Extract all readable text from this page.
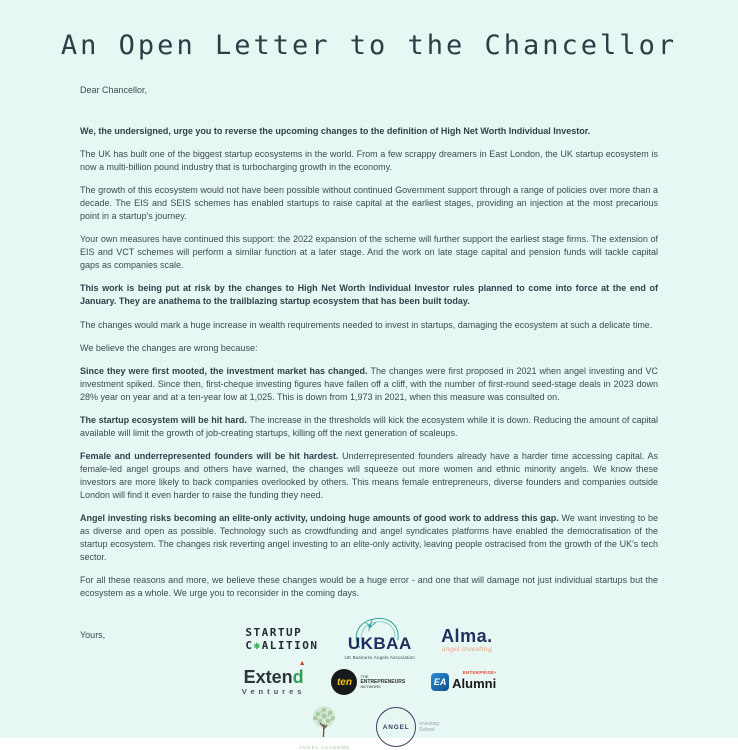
An Open Letter to the Chancellor

Dear Chancellor,

We, the undersigned, urge you to reverse the upcoming changes to the definition of High Net Worth Individual Investor.

The UK has built one of the biggest startup ecosystems in the world. From a few scrappy dreamers in East London, the UK startup ecosystem is now a multi-billion pound industry that is turbocharging growth in the economy.

The growth of this ecosystem would not have been possible without continued Government support through a range of policies over more than a decade. The EIS and SEIS schemes has enabled startups to raise capital at the earliest stages, providing an injection at the most precarious point in a startup's journey.

Your own measures have continued this support: the 2022 expansion of the scheme will further support the earliest stage firms. The extension of EIS and VCT schemes will perform a similar function at a later stage. And the work on late stage capital and pension funds will tackle capital gaps as companies scale.

This work is being put at risk by the changes to High Net Worth Individual Investor rules planned to come into force at the end of January. They are anathema to the trailblazing startup ecosystem that has been built today.

The changes would mark a huge increase in wealth requirements needed to invest in startups, damaging the ecosystem at such a delicate time.

We believe the changes are wrong because:

Since they were first mooted, the investment market has changed. The changes were first proposed in 2021 when angel investing and VC investment spiked. Since then, first-cheque investing figures have fallen off a cliff, with the number of first-round seed-stage deals in 2023 down 28% year on year and at a ten-year low at 1,025. This is down from 1,973 in 2021, when this measure was consulted on.

The startup ecosystem will be hit hard. The increase in the thresholds will kick the ecosystem while it is down. Reducing the amount of capital available will limit the growth of job-creating startups, killing off the next generation of scaleups.

Female and underrepresented founders will be hit hardest. Underrepresented founders already have a harder time accessing capital. As female-led angel groups and others have warned, the changes will squeeze out more women and ethnic minority angels. We know these investors are more likely to back companies overlooked by others. This means female entrepreneurs, diverse founders and companies outside London will find it even harder to raise the funding they need.

Angel investing risks becoming an elite-only activity, undoing huge amounts of good work to address this gap. We want investing to be as diverse and open as possible. Technology such as crowdfunding and angel syndicates platforms have enabled the democratisation of the startup ecosystem. The changes risk reverting angel investing to an elite-only activity, leaving people ostracised from the growth of the UK's tech sector.

For all these reasons and more, we believe these changes would be a huge error - and one that will damage not just individual startups but the ecosystem as a whole. We urge you to reconsider in the coming days.

Yours,	STARTUP
C✱ALITION UKBAA
UK Business Angels Association
Alma.
angel investing
Extend
▲
Ventures
ten
THE
ENTREPRENEURS
NETWORK	EA
ENTERPRISE•
Alumni
ANGEL ACADEME
ANGEL	Investing
School
